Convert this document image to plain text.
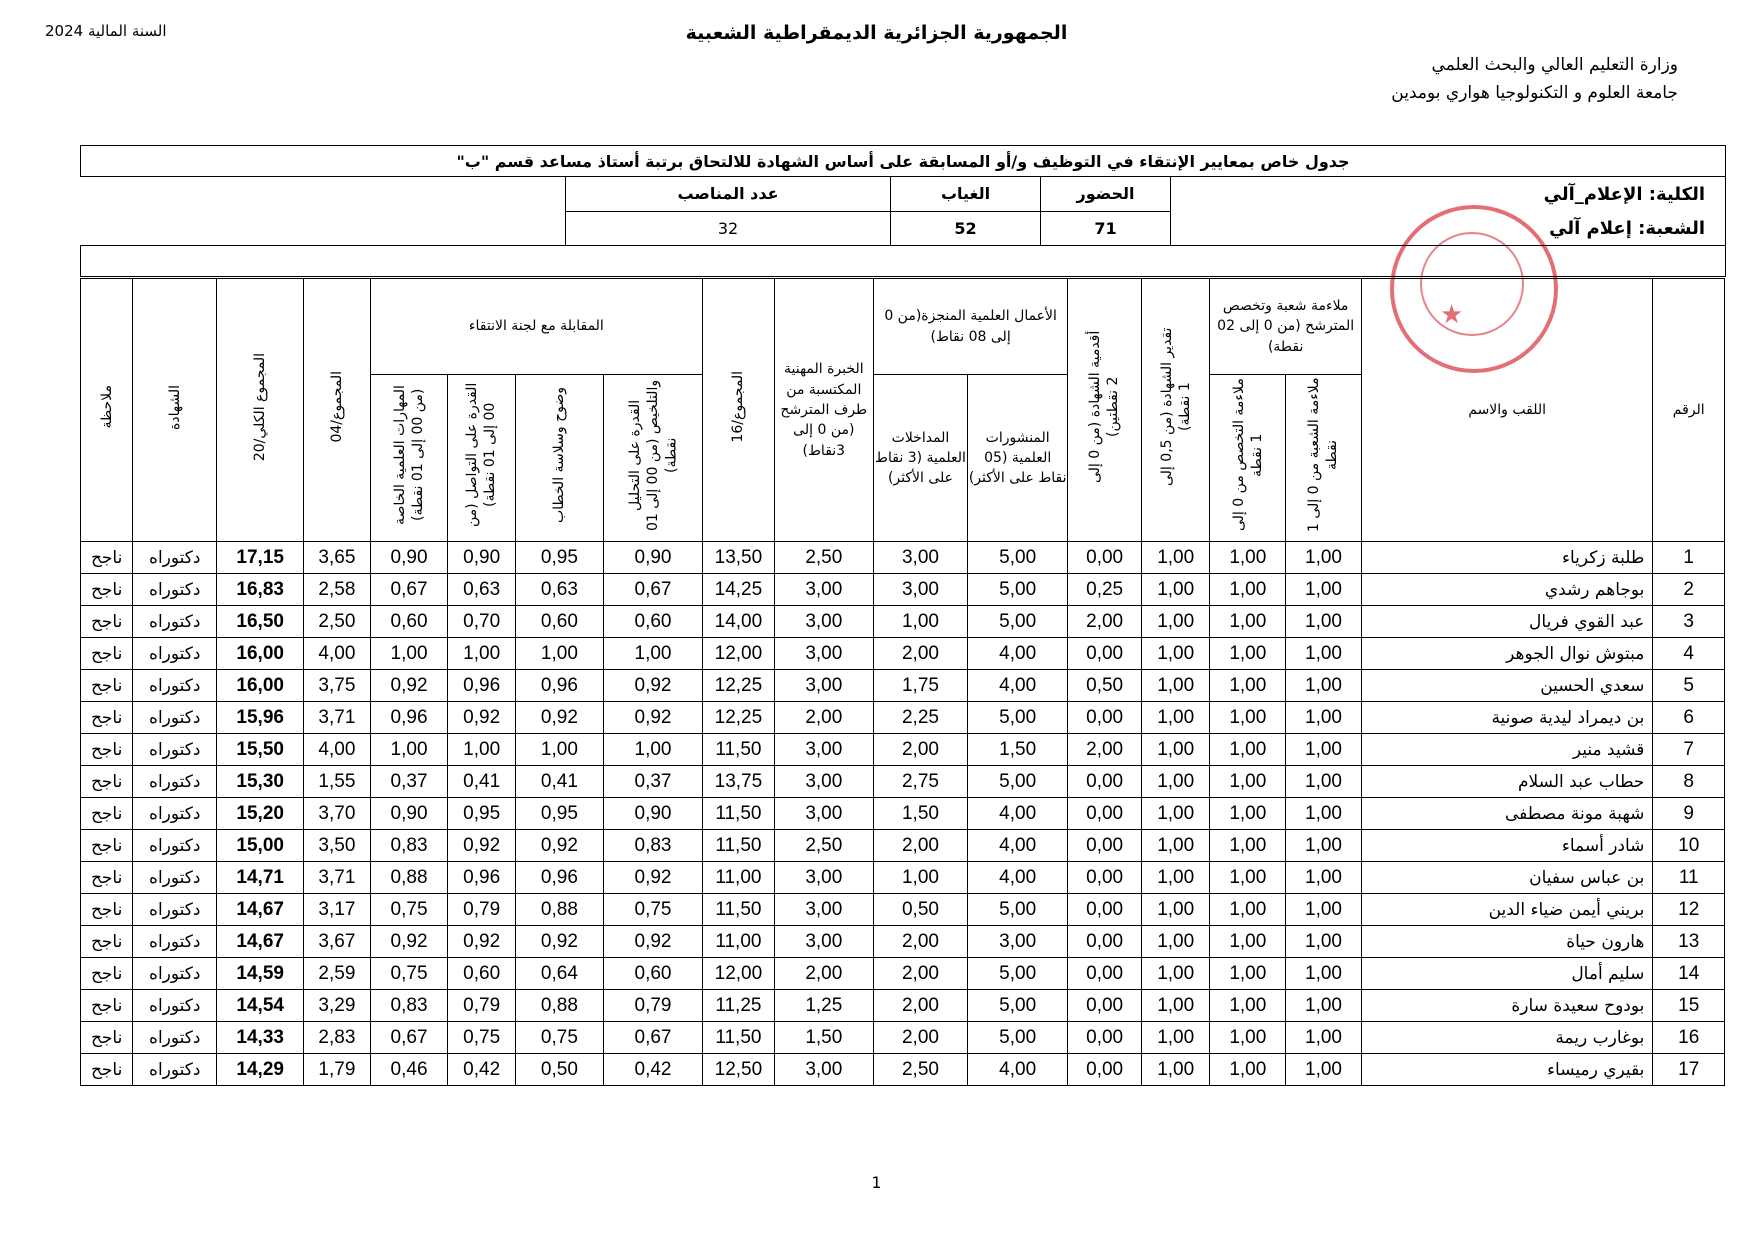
الجمهورية الجزائرية الديمقراطية الشعبية
السنة المالية 2024
وزارة التعليم العالي والبحث العلمي
جامعة العلوم و التكنولوجيا هواري بومدين
★
جدول خاص بمعايير الإنتقاء في التوظيف و/أو المسابقة على أساس الشهادة للالتحاق برتبة أستاذ مساعد قسم "ب"				
الكلية: الإعلام_آلي	الحضور	الغياب	عدد المناصب	
الشعبة: إعلام آلي	71	52	32	

الرقم	اللقب والاسم	ملاءمة شعبة وتخصص المترشح (من 0 إلى 02 نقطة)		تقدير الشهادة (من 0,5 إلى 1 نقطة)	أقدمية الشهادة (من 0 إلى 2 نقطتين)	الأعمال العلمية المنجزة(من 0 إلى 08 نقاط)		الخبرة المهنية المكتسبة من طرف المترشح (من 0 إلى 3نقاط)	المجموع/16	المقابلة مع لجنة الانتقاء				المجموع/04	المجموع الكلي/20	الشهادة	ملاحظة
		ملاءمة الشعبة من 0 إلى 1 نقطة	ملاءمة التخصص من 0 إلى 1 نقطة			المنشورات العلمية (05 نقاط على الأكثر)	المداخلات العلمية (3 نقاط على الأكثر)			القدرة على التحليل والتلخيص (من 00 إلى 01 نقطة)	وضوح وسلاسة الخطاب	القدرة على التواصل (من 00 إلى 01 نقطة)	المهارات العلمية الخاصة (من 00 إلى 01 نقطة)				
1	طلبة زكرياء	1,00	1,00	1,00	0,00	5,00	3,00	2,50	13,50	0,90	0,95	0,90	0,90	3,65	17,15	دكتوراه	ناجح
2	بوجاهم رشدي	1,00	1,00	1,00	0,25	5,00	3,00	3,00	14,25	0,67	0,63	0,63	0,67	2,58	16,83	دكتوراه	ناجح
3	عبد القوي فريال	1,00	1,00	1,00	2,00	5,00	1,00	3,00	14,00	0,60	0,60	0,70	0,60	2,50	16,50	دكتوراه	ناجح
4	مبتوش نوال الجوهر	1,00	1,00	1,00	0,00	4,00	2,00	3,00	12,00	1,00	1,00	1,00	1,00	4,00	16,00	دكتوراه	ناجح
5	سعدي الحسين	1,00	1,00	1,00	0,50	4,00	1,75	3,00	12,25	0,92	0,96	0,96	0,92	3,75	16,00	دكتوراه	ناجح
6	بن ديمراد ليدية صونية	1,00	1,00	1,00	0,00	5,00	2,25	2,00	12,25	0,92	0,92	0,92	0,96	3,71	15,96	دكتوراه	ناجح
7	قشيد منير	1,00	1,00	1,00	2,00	1,50	2,00	3,00	11,50	1,00	1,00	1,00	1,00	4,00	15,50	دكتوراه	ناجح
8	حطاب عبد السلام	1,00	1,00	1,00	0,00	5,00	2,75	3,00	13,75	0,37	0,41	0,41	0,37	1,55	15,30	دكتوراه	ناجح
9	شهبة مونة مصطفى	1,00	1,00	1,00	0,00	4,00	1,50	3,00	11,50	0,90	0,95	0,95	0,90	3,70	15,20	دكتوراه	ناجح
10	شادر أسماء	1,00	1,00	1,00	0,00	4,00	2,00	2,50	11,50	0,83	0,92	0,92	0,83	3,50	15,00	دكتوراه	ناجح
11	بن عباس سفيان	1,00	1,00	1,00	0,00	4,00	1,00	3,00	11,00	0,92	0,96	0,96	0,88	3,71	14,71	دكتوراه	ناجح
12	بريني أيمن ضياء الدين	1,00	1,00	1,00	0,00	5,00	0,50	3,00	11,50	0,75	0,88	0,79	0,75	3,17	14,67	دكتوراه	ناجح
13	هارون حياة	1,00	1,00	1,00	0,00	3,00	2,00	3,00	11,00	0,92	0,92	0,92	0,92	3,67	14,67	دكتوراه	ناجح
14	سليم أمال	1,00	1,00	1,00	0,00	5,00	2,00	2,00	12,00	0,60	0,64	0,60	0,75	2,59	14,59	دكتوراه	ناجح
15	بودوح سعيدة سارة	1,00	1,00	1,00	0,00	5,00	2,00	1,25	11,25	0,79	0,88	0,79	0,83	3,29	14,54	دكتوراه	ناجح
16	بوغارب ريمة	1,00	1,00	1,00	0,00	5,00	2,00	1,50	11,50	0,67	0,75	0,75	0,67	2,83	14,33	دكتوراه	ناجح
17	بقيري رميساء	1,00	1,00	1,00	0,00	4,00	2,50	3,00	12,50	0,42	0,50	0,42	0,46	1,79	14,29	دكتوراه	ناجح
1
